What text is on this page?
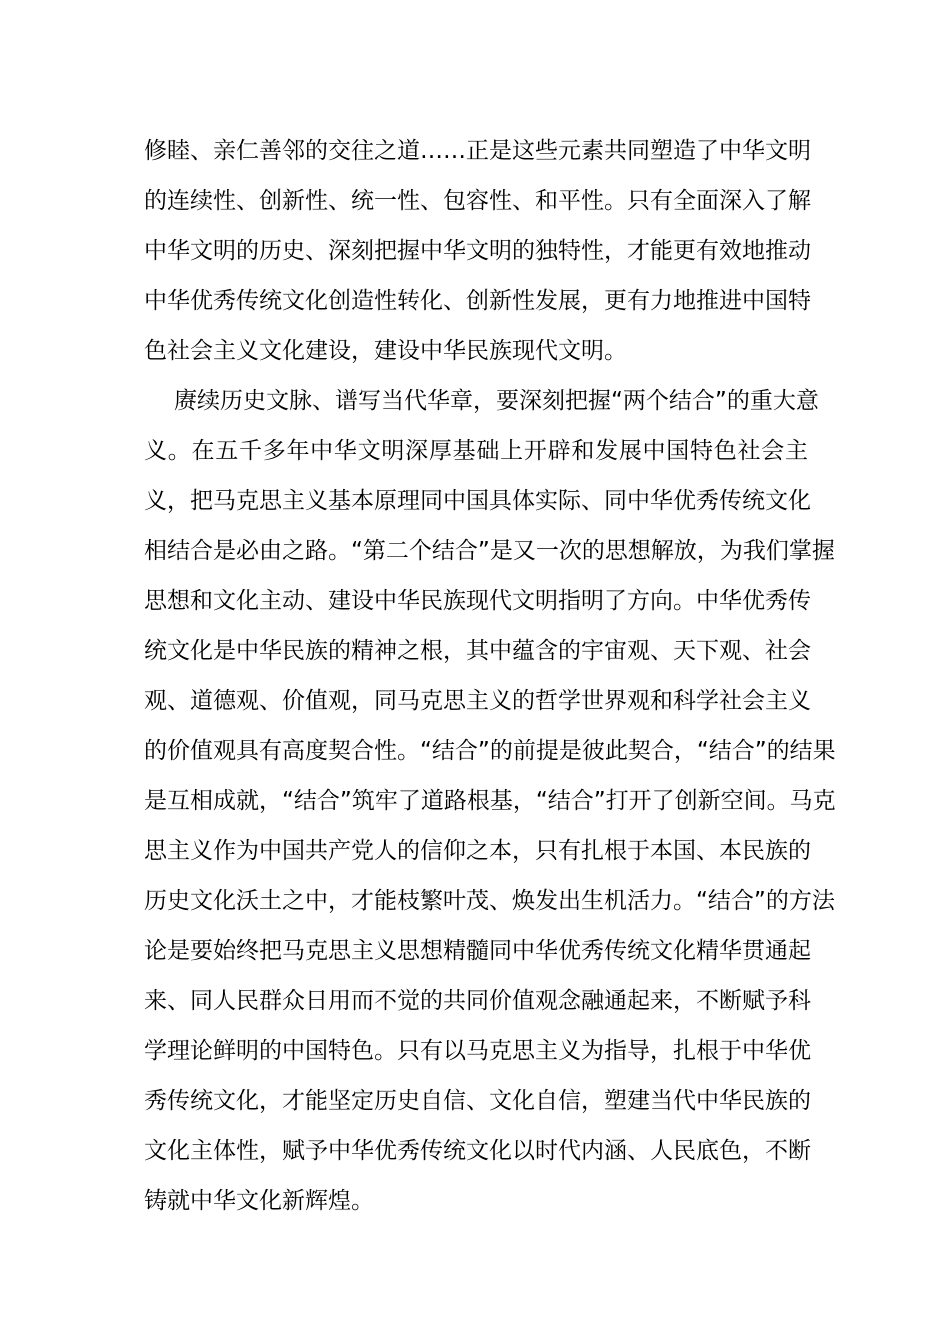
修睦、亲仁善邻的交往之道……正是这些元素共同塑造了中华文明
的连续性、创新性、统一性、包容性、和平性。只有全面深入了解
中华文明的历史、深刻把握中华文明的独特性，才能更有效地推动
中华优秀传统文化创造性转化、创新性发展，更有力地推进中国特
色社会主义文化建设，建设中华民族现代文明。
赓续历史文脉、谱写当代华章，要深刻把握“两个结合”的重大意
义。在五千多年中华文明深厚基础上开辟和发展中国特色社会主
义，把马克思主义基本原理同中国具体实际、同中华优秀传统文化
相结合是必由之路。“第二个结合”是又一次的思想解放，为我们掌握
思想和文化主动、建设中华民族现代文明指明了方向。中华优秀传
统文化是中华民族的精神之根，其中蕴含的宇宙观、天下观、社会
观、道德观、价值观，同马克思主义的哲学世界观和科学社会主义
的价值观具有高度契合性。“结合”的前提是彼此契合，“结合”的结果
是互相成就，“结合”筑牢了道路根基，“结合”打开了创新空间。马克
思主义作为中国共产党人的信仰之本，只有扎根于本国、本民族的
历史文化沃土之中，才能枝繁叶茂、焕发出生机活力。“结合”的方法
论是要始终把马克思主义思想精髓同中华优秀传统文化精华贯通起
来、同人民群众日用而不觉的共同价值观念融通起来，不断赋予科
学理论鲜明的中国特色。只有以马克思主义为指导，扎根于中华优
秀传统文化，才能坚定历史自信、文化自信，塑建当代中华民族的
文化主体性，赋予中华优秀传统文化以时代内涵、人民底色，不断
铸就中华文化新辉煌。
